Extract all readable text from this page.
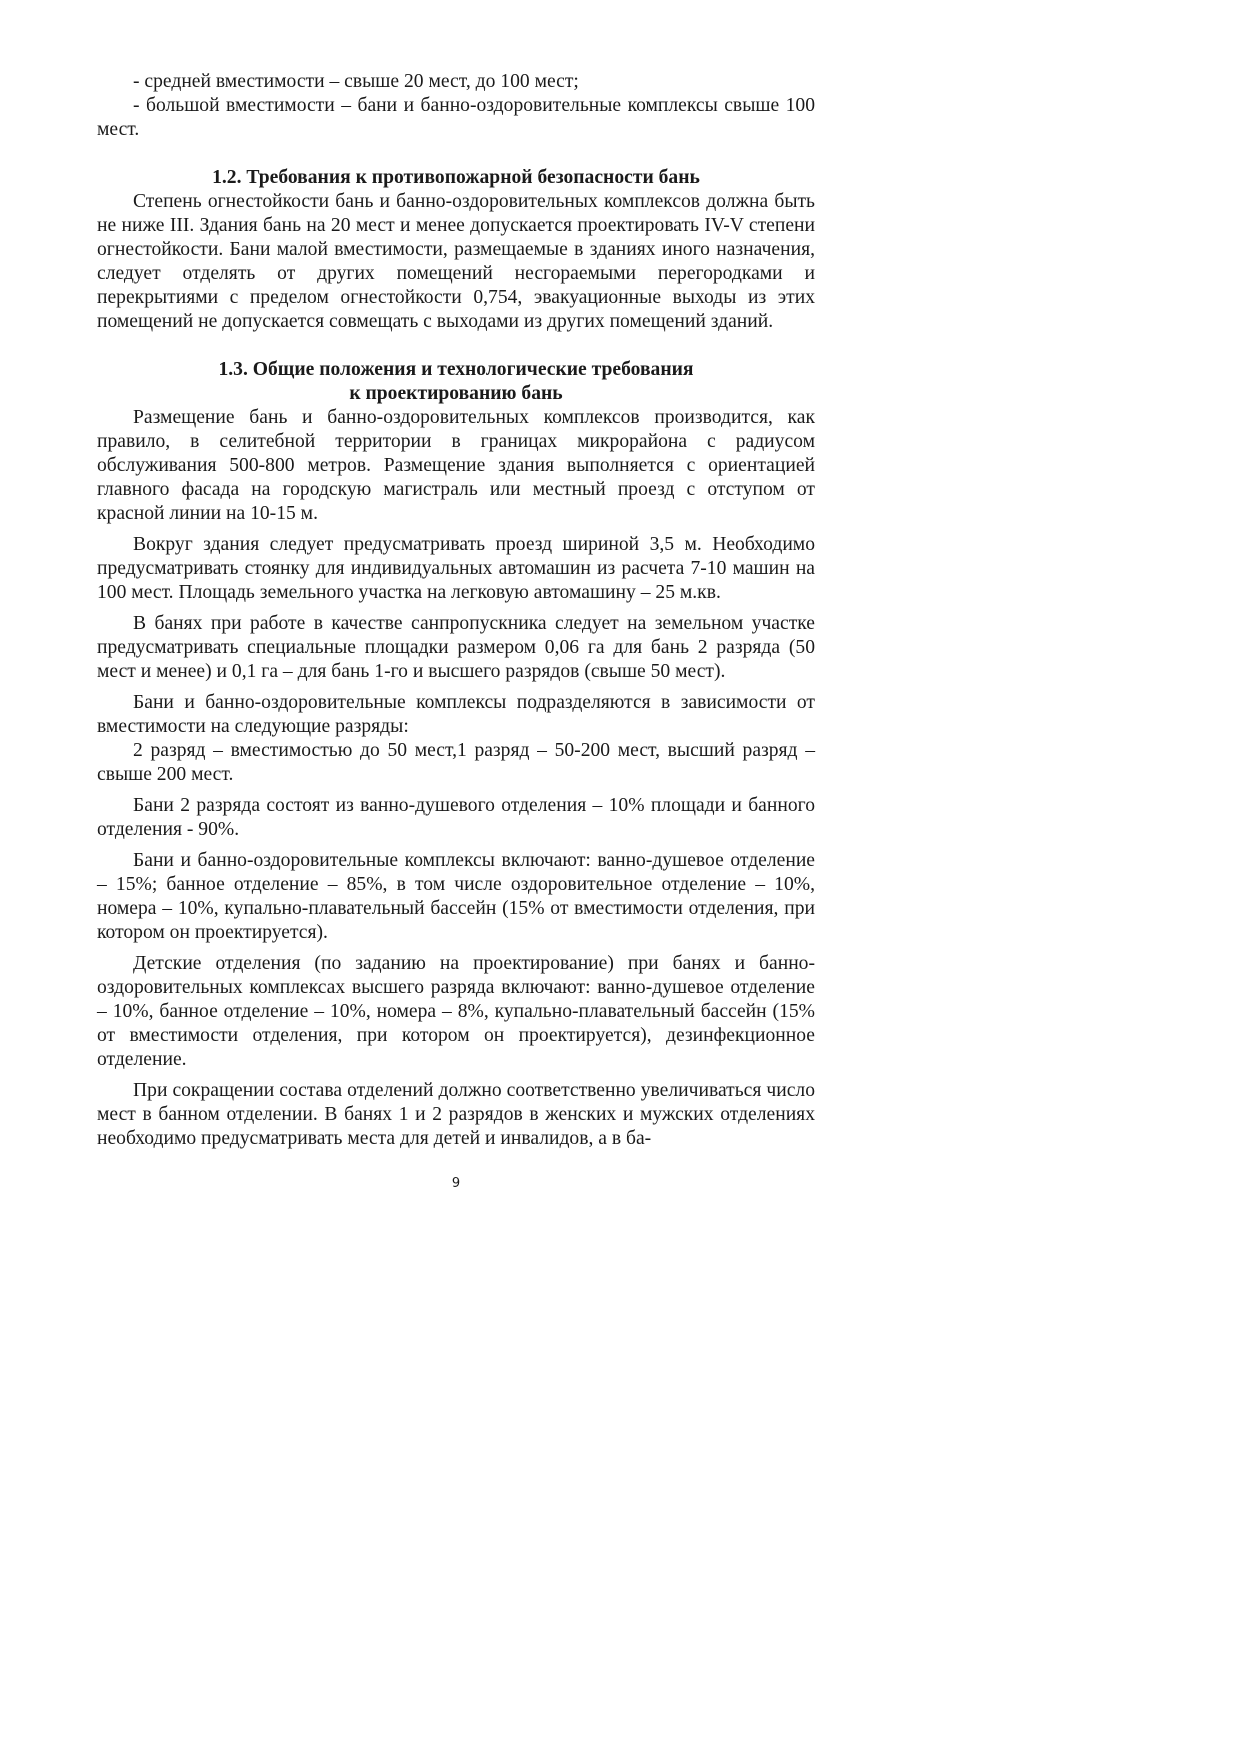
- средней вместимости – свыше 20 мест, до 100 мест;

- большой вместимости – бани и банно-оздоровительные комплексы свыше 100 мест.

1.2. Требования к противопожарной безопасности бань

Степень огнестойкости бань и банно-оздоровительных комплексов должна быть не ниже III. Здания бань на 20 мест и менее допускается проектировать IV-V степени огнестойкости. Бани малой вместимости, размещаемые в зданиях иного назначения, следует отделять от других помещений несгораемыми перегородками и перекрытиями с пределом огнестойкости 0,754, эвакуационные выходы из этих помещений не допускается совмещать с выходами из других помещений зданий.

1.3. Общие положения и технологические требования
к проектированию бань

Размещение бань и банно-оздоровительных комплексов производится, как правило, в селитебной территории в границах микрорайона с радиусом обслуживания 500-800 метров. Размещение здания выполняется с ориентацией главного фасада на городскую магистраль или местный проезд с отступом от красной линии на 10-15 м.

Вокруг здания следует предусматривать проезд шириной 3,5 м. Необходимо предусматривать стоянку для индивидуальных автомашин из расчета 7-10 машин на 100 мест. Площадь земельного участка на легковую автомашину – 25 м.кв.

В банях при работе в качестве санпропускника следует на земельном участке предусматривать специальные площадки размером 0,06 га для бань 2 разряда (50 мест и менее) и 0,1 га – для бань 1-го и высшего разрядов (свыше 50 мест).

Бани и банно-оздоровительные комплексы подразделяются в зависимости от вместимости на следующие разряды:

2 разряд – вместимостью до 50 мест,1 разряд – 50-200 мест, высший разряд – свыше 200 мест.

Бани 2 разряда состоят из ванно-душевого отделения – 10% площади и банного отделения - 90%.

Бани и банно-оздоровительные комплексы включают: ванно-душевое отделение – 15%; банное отделение – 85%, в том числе оздоровительное отделение – 10%, номера – 10%, купально-плавательный бассейн (15% от вместимости отделения, при котором он проектируется).

Детские отделения (по заданию на проектирование) при банях и банно-оздоровительных комплексах высшего разряда включают: ванно-душевое отделение – 10%, банное отделение – 10%, номера – 8%, купально-плавательный бассейн (15% от вместимости отделения, при котором он проектируется), дезинфекционное отделение.

При сокращении состава отделений должно соответственно увеличиваться число мест в банном отделении. В банях 1 и 2 разрядов в женских и мужских отделениях необходимо предусматривать места для детей и инвалидов, а в ба-

9
